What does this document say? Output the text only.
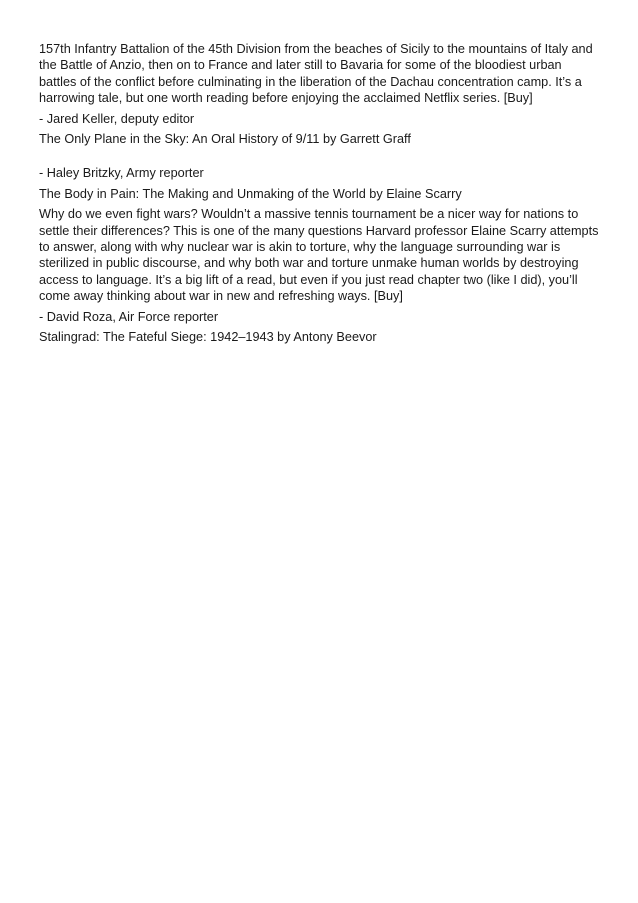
157th Infantry Battalion of the 45th Division from the beaches of Sicily to the mountains of Italy and the Battle of Anzio, then on to France and later still to Bavaria for some of the bloodiest urban battles of the conflict before culminating in the liberation of the Dachau concentration camp. It’s a harrowing tale, but one worth reading before enjoying the acclaimed Netflix series. [Buy]

- Jared Keller, deputy editor

The Only Plane in the Sky: An Oral History of 9/11 by Garrett Graff

- Haley Britzky, Army reporter

The Body in Pain: The Making and Unmaking of the World by Elaine Scarry

Why do we even fight wars? Wouldn’t a massive tennis tournament be a nicer way for nations to settle their differences? This is one of the many questions Harvard professor Elaine Scarry attempts to answer, along with why nuclear war is akin to torture, why the language surrounding war is sterilized in public discourse, and why both war and torture unmake human worlds by destroying access to language. It’s a big lift of a read, but even if you just read chapter two (like I did), you’ll come away thinking about war in new and refreshing ways. [Buy]

- David Roza, Air Force reporter

Stalingrad: The Fateful Siege: 1942–1943 by Antony Beevor
